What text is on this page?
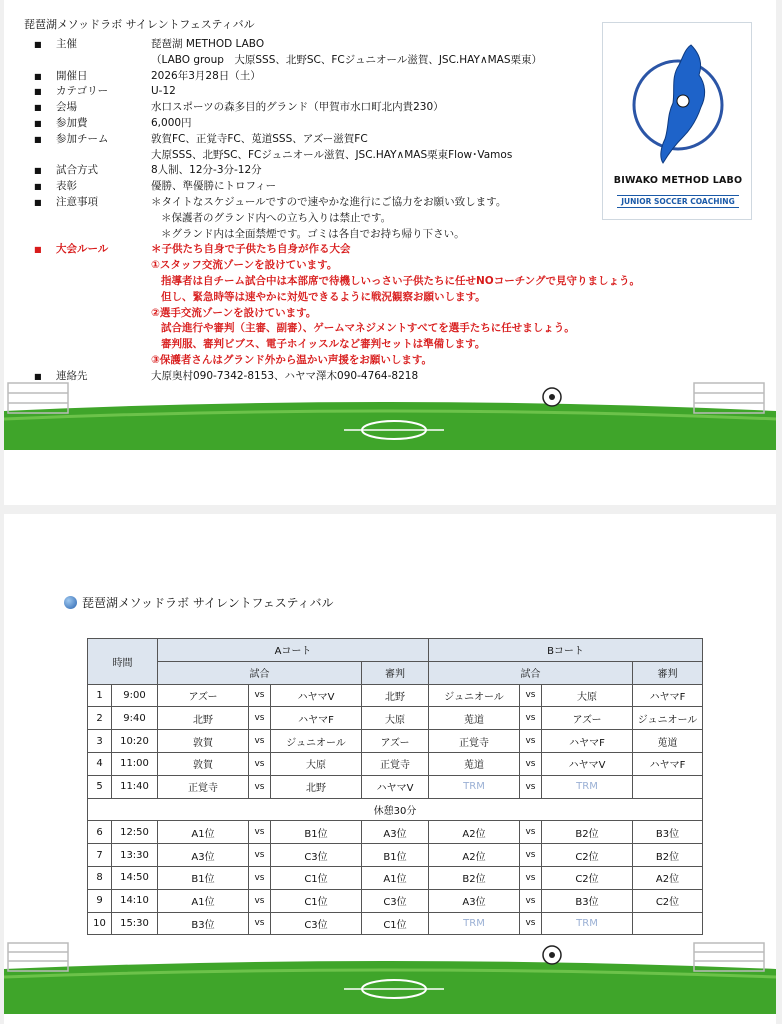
琵琶湖メソッドラボ サイレントフェスティバル
■	主催	琵琶湖 METHOD LABO
（LABO group　大原SSS、北野SC、FCジュニオール滋賀、JSC.HAY∧MAS栗東）
■	開催日	2026年3月28日（土）
■	カテゴリー	U-12
■	会場	水口スポーツの森多目的グランド（甲賀市水口町北内貴230）
■	参加費	6,000円
■	参加チーム	敦賀FC、正覚寺FC、莵道SSS、アズー滋賀FC
大原SSS、北野SC、FCジュニオール滋賀、JSC.HAY∧MAS栗東Flow･Vamos
■	試合方式	8人制、12分-3分-12分
■	表彰	優勝、準優勝にトロフィー
■	注意事項	＊タイトなスケジュールですので速やかな進行にご協力をお願い致します。
＊保護者のグランド内への立ち入りは禁止です。
＊グランド内は全面禁煙です。ゴミは各自でお持ち帰り下さい。
■	大会ルール	＊子供たち自身で子供たち自身が作る大会
①スタッフ交流ゾーンを設けています。
指導者は自チーム試合中は本部席で待機しいっさい子供たちに任せNOコーチングで見守りましょう。
但し、緊急時等は速やかに対処できるように戦況観察お願いします。
②選手交流ゾーンを設けています。
試合進行や審判（主審、副審）、ゲームマネジメントすべてを選手たちに任せましょう。
審判服、審判ビブス、電子ホイッスルなど審判セットは準備します。
③保護者さんはグランド外から温かい声援をお願いします。
■	連絡先	大原奥村090-7342-8153、ハヤマ澤木090-4764-8218
BIWAKO METHOD LABO
JUNIOR SOCCER COACHING
琵琶湖メソッドラボ サイレントフェスティバル
時間		Aコート				Bコート			
		試合			審判	試合			審判
1	9:00	アズー	vs	ハヤマV	北野	ジュニオール	vs	大原	ハヤマF
2	9:40	北野	vs	ハヤマF	大原	莵道	vs	アズー	ジュニオール
3	10:20	敦賀	vs	ジュニオール	アズー	正覚寺	vs	ハヤマF	莵道
4	11:00	敦賀	vs	大原	正覚寺	莵道	vs	ハヤマV	ハヤマF
5	11:40	正覚寺	vs	北野	ハヤマV	TRM	vs	TRM	
休憩30分									
6	12:50	A1位	vs	B1位	A3位	A2位	vs	B2位	B3位
7	13:30	A3位	vs	C3位	B1位	A2位	vs	C2位	B2位
8	14:50	B1位	vs	C1位	A1位	B2位	vs	C2位	A2位
9	14:10	A1位	vs	C1位	C3位	A3位	vs	B3位	C2位
10	15:30	B3位	vs	C3位	C1位	TRM	vs	TRM	
